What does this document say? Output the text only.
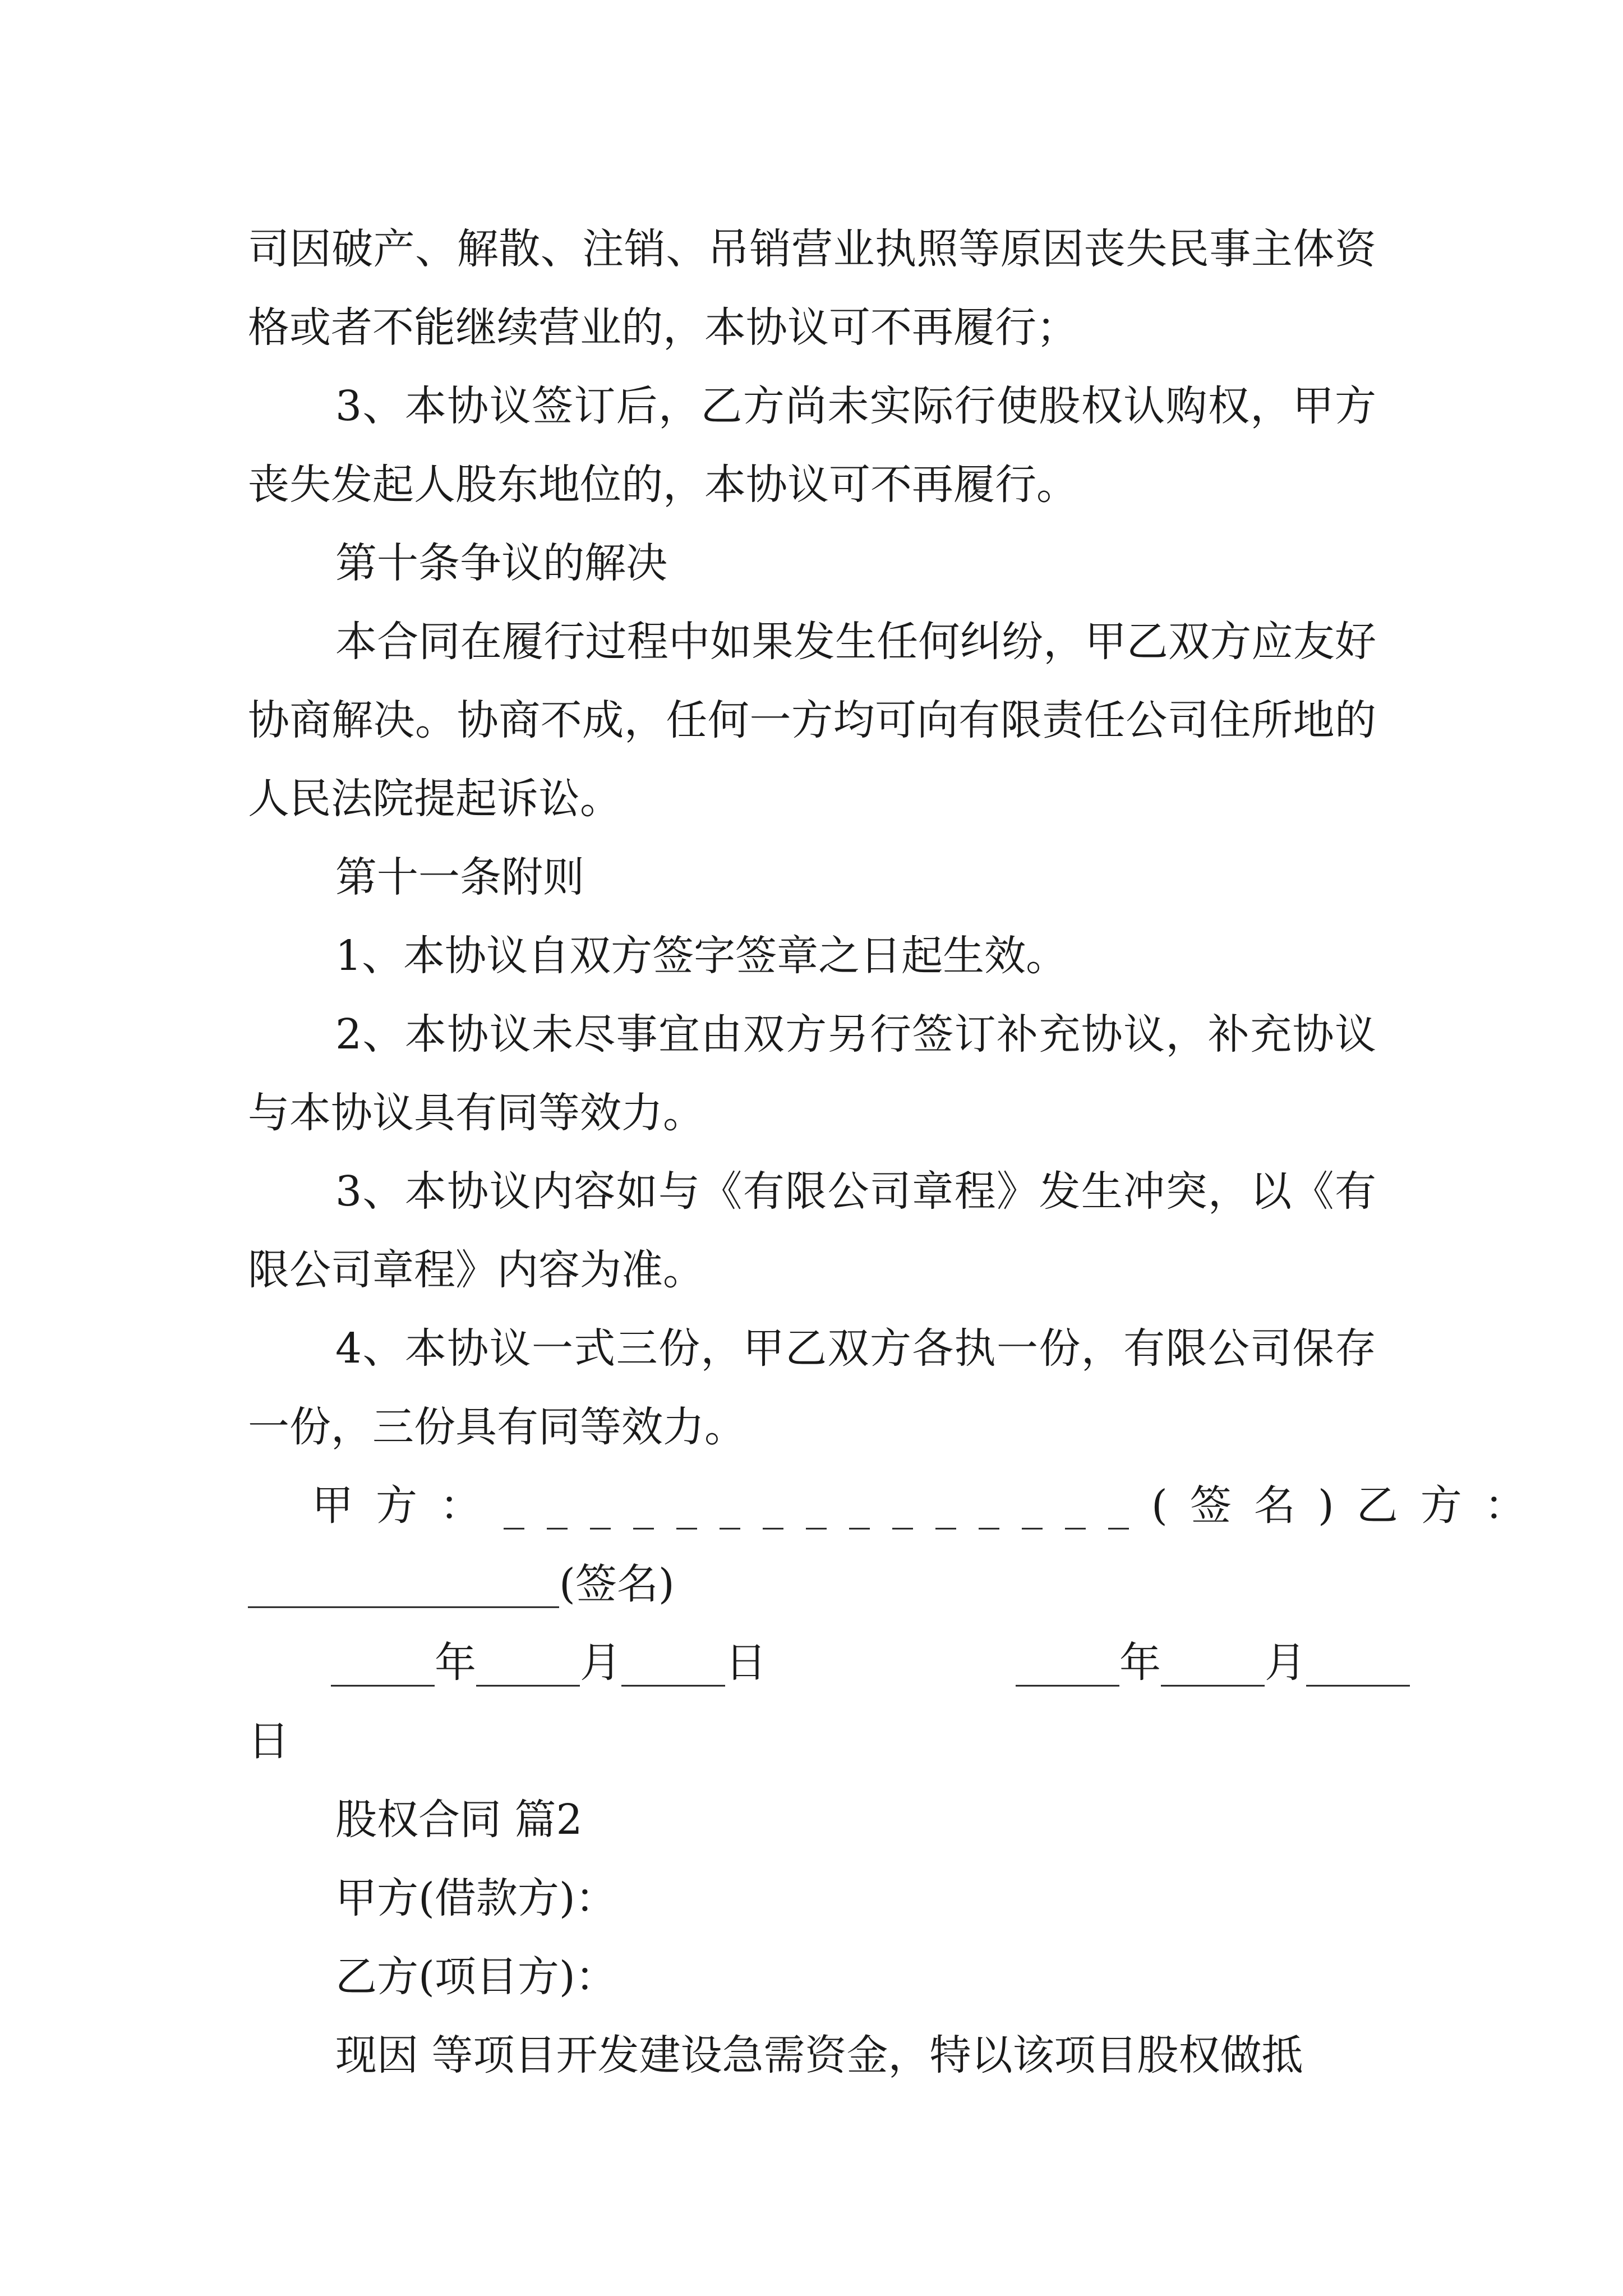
司因破产、解散、注销、吊销营业执照等原因丧失民事主体资格或者不能继续营业的，本协议可不再履行；

3、本协议签订后，乙方尚未实际行使股权认购权，甲方丧失发起人股东地位的，本协议可不再履行。

第十条争议的解决

本合同在履行过程中如果发生任何纠纷，甲乙双方应友好协商解决。协商不成，任何一方均可向有限责任公司住所地的人民法院提起诉讼。

第十一条附则

1、本协议自双方签字签章之日起生效。

2、本协议未尽事宜由双方另行签订补充协议，补充协议与本协议具有同等效力。

3、本协议内容如与《有限公司章程》发生冲突，以《有限公司章程》内容为准。

4、本协议一式三份，甲乙双方各执一份，有限公司保存一份，三份具有同等效力。

　甲方：_______________(签名)乙方：

_______________(签名)

　　_____年_____月_____日　　　　　　_____年_____月_____

日

股权合同 篇2

甲方(借款方)：

乙方(项目方)：

现因 等项目开发建设急需资金，特以该项目股权做抵
